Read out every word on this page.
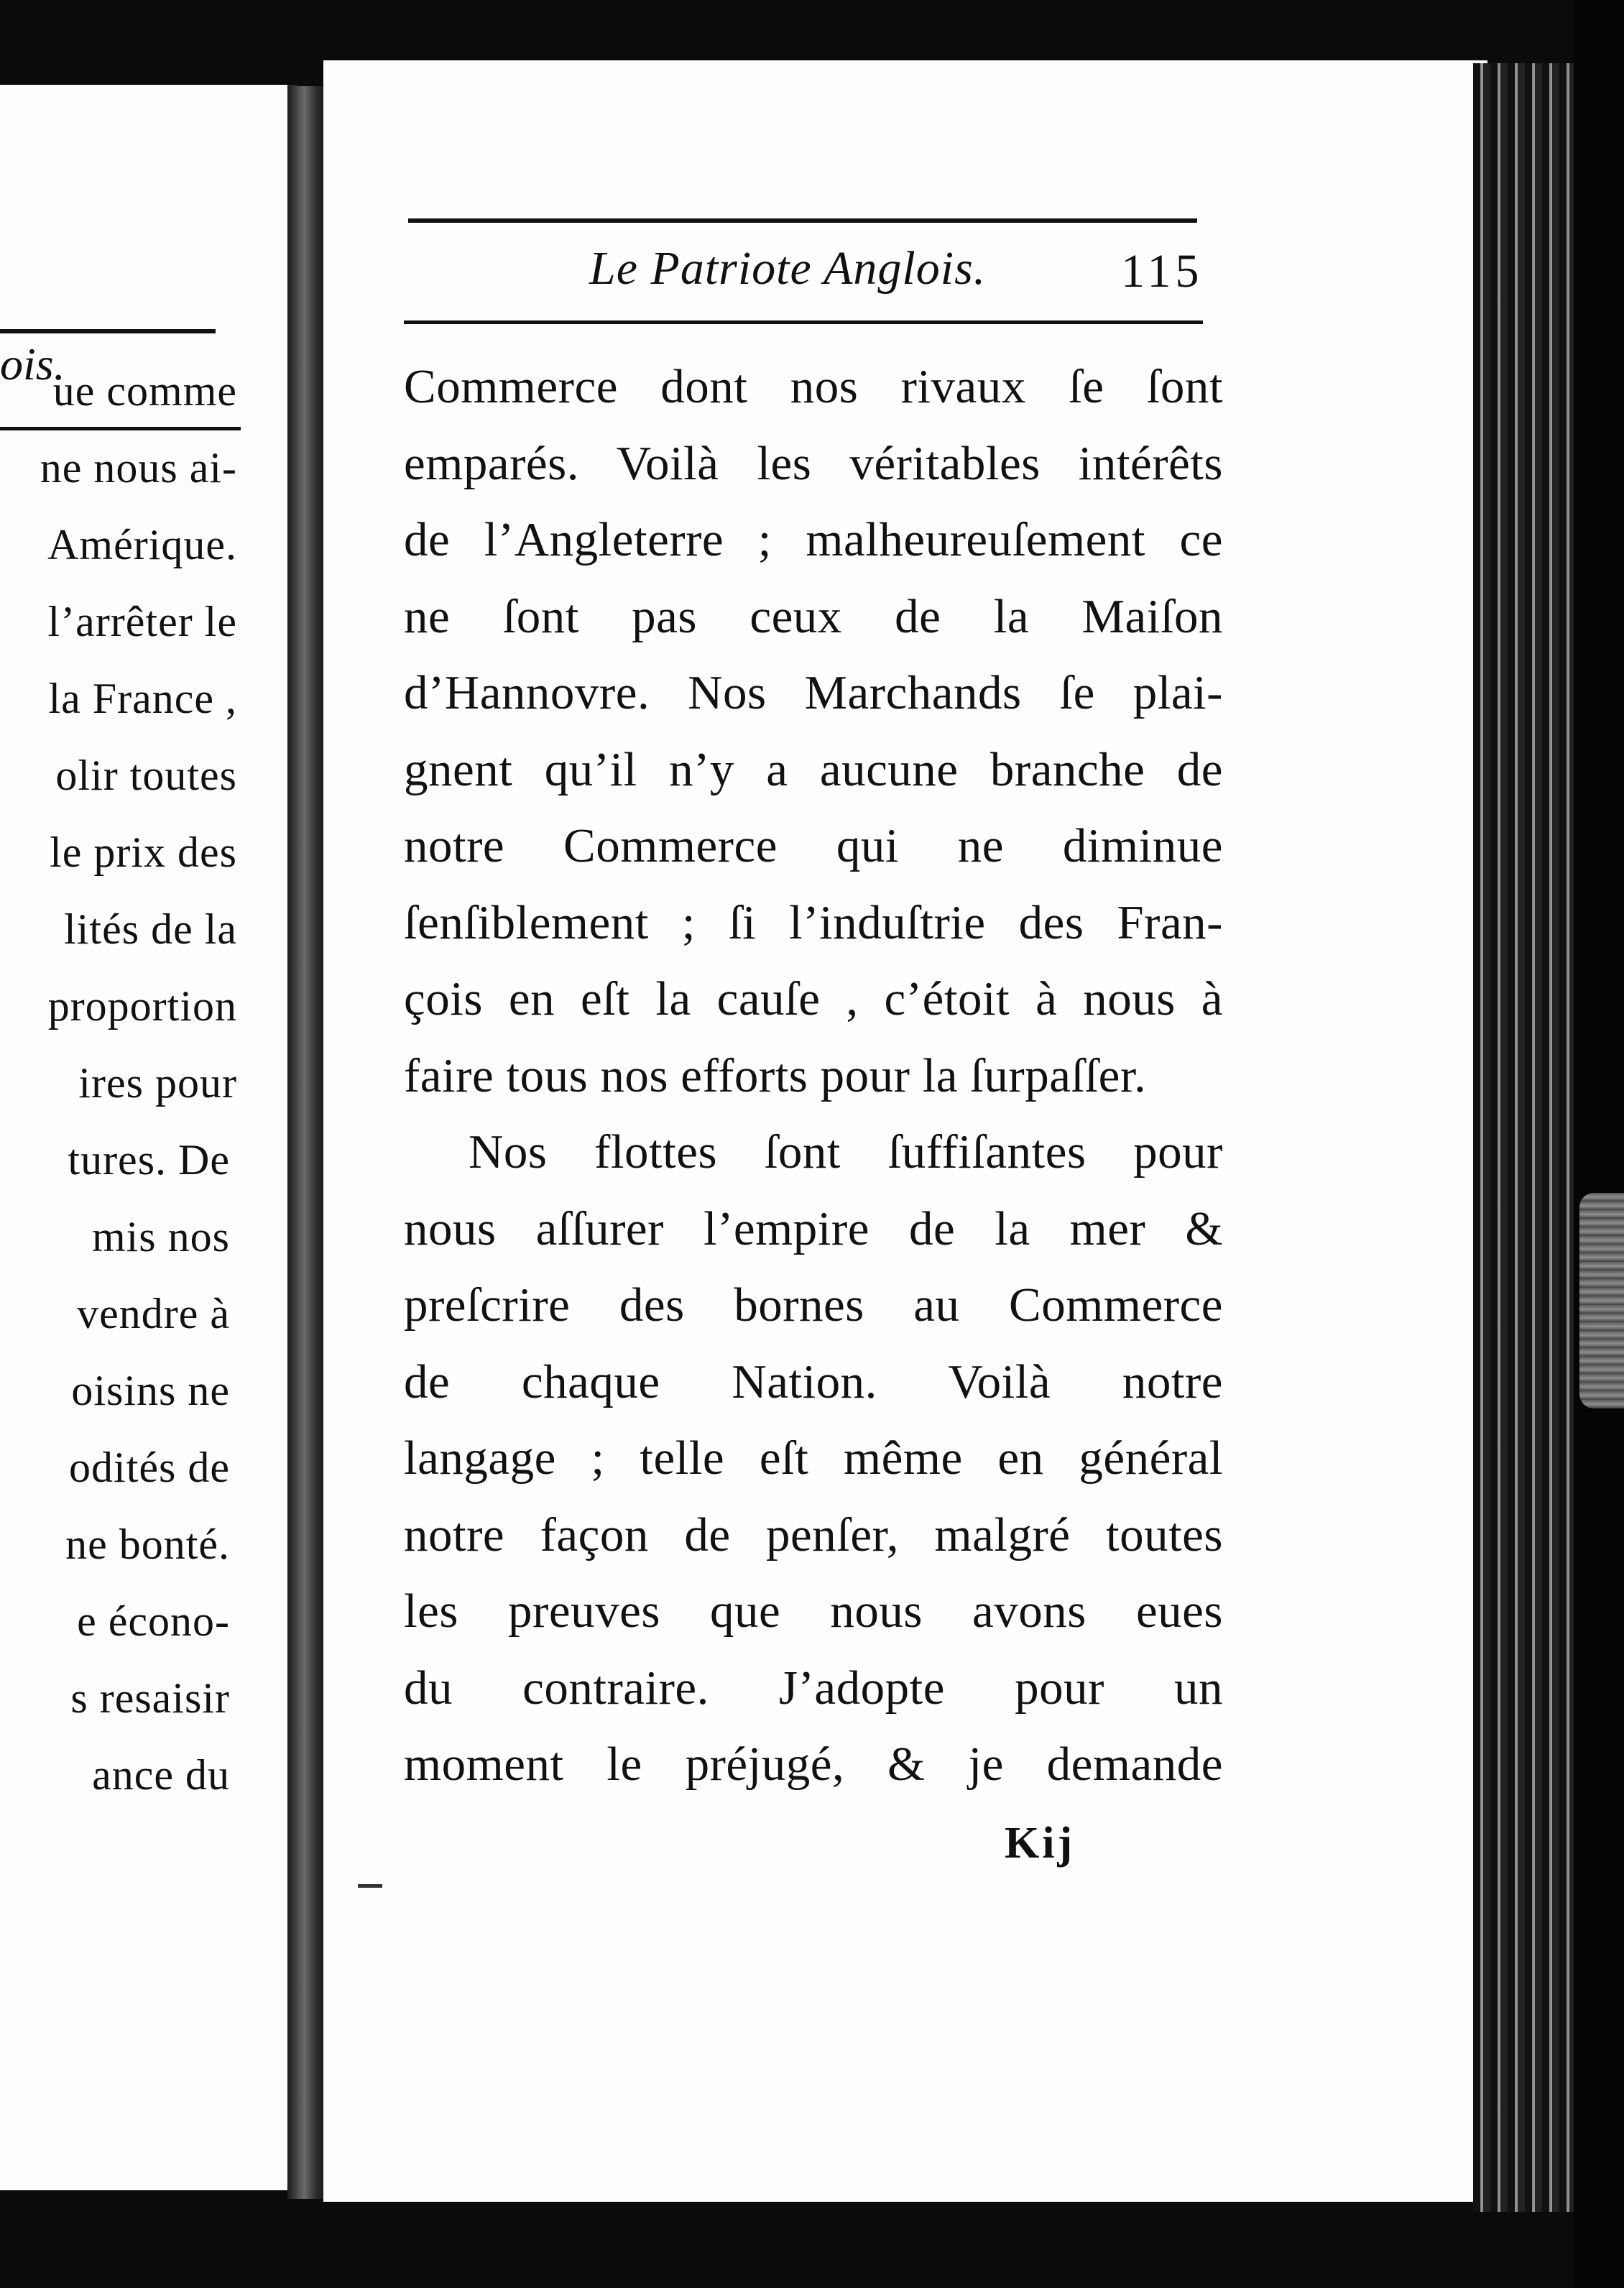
ois.
ue comme
ne nous ai-
Amérique.
l’arrêter le
la France ,
olir toutes
le prix des
lités de la
proportion
ires pour
tures. De
mis nos
vendre à
oisins ne
odités de
ne bonté.
e écono-
s resaisir
ance du
Le Patriote Anglois.	115
Commerce dont nos rivaux ſe ſont
emparés. Voilà les véritables intérêts
de l’Angleterre ; malheureuſement ce
ne ſont pas ceux de la Maiſon
d’Hannovre. Nos Marchands ſe plai-
gnent qu’il n’y a aucune branche de
notre Commerce qui ne diminue
ſenſiblement ; ſi l’induſtrie des Fran-
çois en eſt la cauſe , c’étoit à nous à
faire tous nos efforts pour la ſurpaſſer.
Nos flottes ſont ſuffiſantes pour
nous aſſurer l’empire de la mer &
preſcrire des bornes au Commerce
de chaque Nation. Voilà notre
langage ; telle eſt même en général
notre façon de penſer, malgré toutes
les preuves que nous avons eues
du contraire. J’adopte pour un
moment le préjugé, & je demande
Kij
